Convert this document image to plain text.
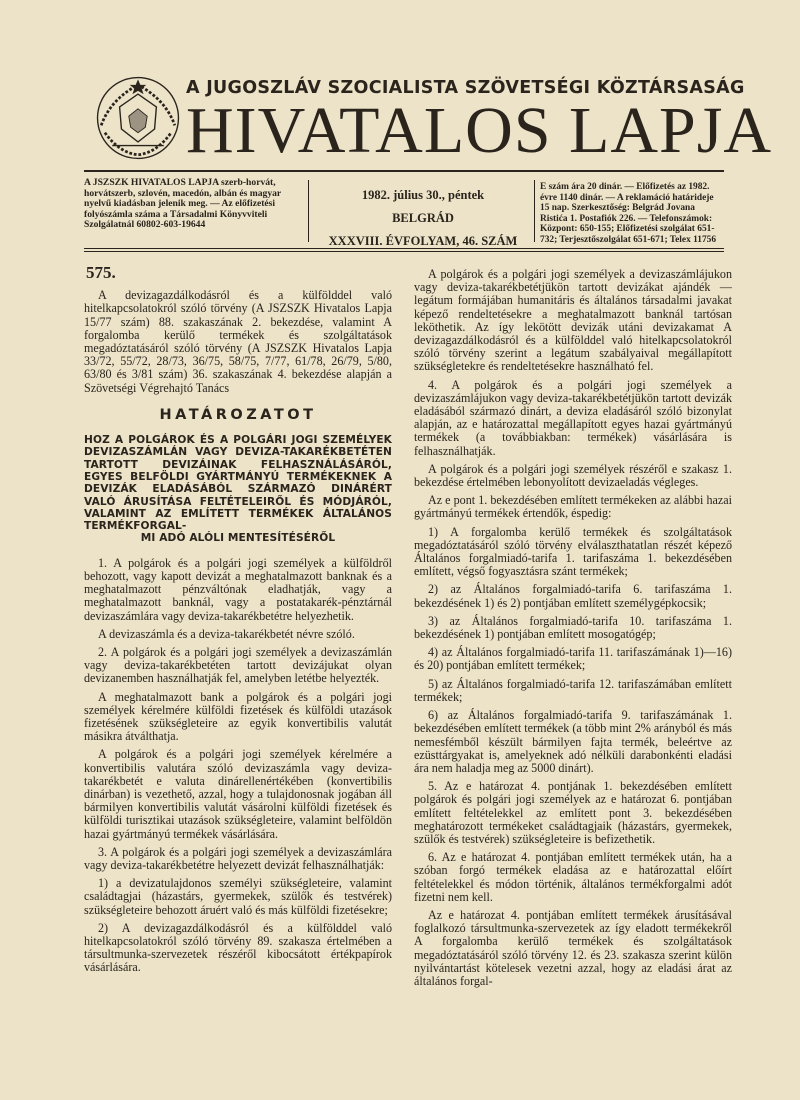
A JUGOSZLÁV SZOCIALISTA SZÖVETSÉGI KÖZTÁRSASÁG
HIVATALOS LAPJA
A JSZSZK HIVATALOS LAPJA szerb-horvát, horvátszerb, szlovén, macedón, albán és magyar nyelvű kiadásban jelenik meg. — Az előfizetési folyószámla száma a Társadalmi Könyvviteli Szolgálatnál 60802-603-19644
1982. július 30., péntek
BELGRÁD
XXXVIII. ÉVFOLYAM, 46. SZÁM
E szám ára 20 dinár. — Előfizetés az 1982. évre 1140 dinár. — A reklamáció határideje 15 nap. Szerkesztőség: Belgrád Jovana Ristića 1. Postafiók 226. — Telefonszámok: Központ: 650-155; Előfizetési szolgálat 651-732; Terjesztőszolgálat 651-671; Telex 11756
575.

A devizagazdálkodásról és a külfölddel való hitelkapcsolatokról szóló törvény (A JSZSZK Hivatalos Lapja 15/77 szám) 88. szakaszának 2. bekezdése, valamint A forgalomba kerülő termékek és szolgáltatások megadóztatásáról szóló törvény (A JSZSZK Hivatalos Lapja 33/72, 55/72, 28/73, 36/75, 58/75, 7/77, 61/78, 26/79, 5/80, 63/80 és 3/81 szám) 36. szakaszának 4. bekezdése alapján a Szövetségi Végrehajtó Tanács

HATÁROZATOT
HOZ A POLGÁROK ÉS A POLGÁRI JOGI SZEMÉLYEK DEVIZASZÁMLÁN VAGY DEVIZA-TAKARÉKBETÉTEN TARTOTT DEVIZÁINAK FELHASZNÁLÁSÁRÓL, EGYES BELFÖLDI GYÁRTMÁNYÚ TERMÉKEKNEK A DEVIZÁK ELADÁSÁBÓL SZÁRMAZÓ DINÁRÉRT VALÓ ÁRUSÍTÁSA FELTÉTELEIRŐL ÉS MÓDJÁRÓL, VALAMINT AZ EMLÍTETT TERMÉKEK ÁLTALÁNOS TERMÉKFORGAL-
MI ADÓ ALÓLI MENTESÍTÉSÉRŐL

1. A polgárok és a polgári jogi személyek a külföldről behozott, vagy kapott devizát a meghatalmazott banknak és a meghatalmazott pénzváltónak eladhatják, vagy a meghatalmazott banknál, vagy a postatakarék-pénztárnál devizaszámlára vagy deviza-takarékbetétre helyezhetik.

A devizaszámla és a deviza-takarékbetét névre szóló.

2. A polgárok és a polgári jogi személyek a devizaszámlán vagy deviza-takarékbetéten tartott devizájukat olyan devizanemben használhatják fel, amelyben letétbe helyezték.

A meghatalmazott bank a polgárok és a polgári jogi személyek kérelmére külföldi fizetések és külföldi utazások fizetésének szükségleteire az egyik konvertibilis valutát másikra átválthatja.

A polgárok és a polgári jogi személyek kérelmére a konvertibilis valutára szóló devizaszámla vagy deviza-takarékbetét e valuta dinárellenértékében (konvertibilis dinárban) is vezethető, azzal, hogy a tulajdonosnak jogában áll bármilyen konvertibilis valutát vásárolni külföldi fizetések és külföldi turisztikai utazások szükségleteire, valamint belföldön hazai gyártmányú termékek vásárlására.

3. A polgárok és a polgári jogi személyek a devizaszámlára vagy deviza-takarékbetétre helyezett devizát felhasználhatják:

1) a devizatulajdonos személyi szükségleteire, valamint családtagjai (házastárs, gyermekek, szülők és testvérek) szükségleteire behozott áruért való és más külföldi fizetésekre;

2) A devizagazdálkodásról és a külfölddel való hitelkapcsolatokról szóló törvény 89. szakasza értelmében a társultmunka-szervezetek részéről kibocsátott értékpapírok vásárlására.

A polgárok és a polgári jogi személyek a devizaszámlájukon vagy deviza-takarékbetétjükön tartott devizákat ajándék — legátum formájában humanitáris és általános társadalmi javakat képező rendeltetésekre a meghatalmazott banknál tartósan leköthetik. Az így lekötött devizák utáni devizakamat A devizagazdálkodásról és a külfölddel való hitelkapcsolatokról szóló törvény szerint a legátum szabályaival megállapított szükségletekre és rendeltetésekre használható fel.

4. A polgárok és a polgári jogi személyek a devizaszámlájukon vagy deviza-takarékbetétjükön tartott devizák eladásából származó dinárt, a deviza eladásáról szóló bizonylat alapján, az e határozattal megállapított egyes hazai gyártmányú termékek (a továbbiakban: termékek) vásárlására is felhasználhatják.

A polgárok és a polgári jogi személyek részéről e szakasz 1. bekezdése értelmében lebonyolított devizaeladás végleges.

Az e pont 1. bekezdésében említett termékeken az alábbi hazai gyártmányú termékek értendők, éspedig:

1) A forgalomba kerülő termékek és szolgáltatások megadóztatásáról szóló törvény elválaszthatatlan részét képező Általános forgalmiadó-tarifa 1. tarifaszáma 1. bekezdésében említett, végső fogyasztásra szánt termékek;

2) az Általános forgalmiadó-tarifa 6. tarifaszáma 1. bekezdésének 1) és 2) pontjában említett személygépkocsik;

3) az Általános forgalmiadó-tarifa 10. tarifaszáma 1. bekezdésének 1) pontjában említett mosogatógép;

4) az Általános forgalmiadó-tarifa 11. tarifaszámának 1)—16) és 20) pontjában említett termékek;

5) az Általános forgalmiadó-tarifa 12. tarifaszámában említett termékek;

6) az Általános forgalmiadó-tarifa 9. tarifaszámának 1. bekezdésében említett termékek (a több mint 2% arányból és más nemesfémből készült bármilyen fajta termék, beleértve az ezüsttárgyakat is, amelyeknek adó nélküli darabonkénti eladási ára nem haladja meg az 5000 dinárt).

5. Az e határozat 4. pontjának 1. bekezdésében említett polgárok és polgári jogi személyek az e határozat 6. pontjában említett feltételekkel az említett pont 3. bekezdésében meghatározott termékeket családtagjaik (házastárs, gyermekek, szülők és testvérek) szükségleteire is befizethetik.

6. Az e határozat 4. pontjában említett termékek után, ha a szóban forgó termékek eladása az e határozattal előírt feltételekkel és módon történik, általános termékforgalmi adót fizetni nem kell.

Az e határozat 4. pontjában említett termékek árusításával foglalkozó társultmunka-szervezetek az így eladott termékekről A forgalomba kerülő termékek és szolgáltatások megadóztatásáról szóló törvény 12. és 23. szakasza szerint külön nyilvántartást kötelesek vezetni azzal, hogy az eladási árat az általános forgal-
